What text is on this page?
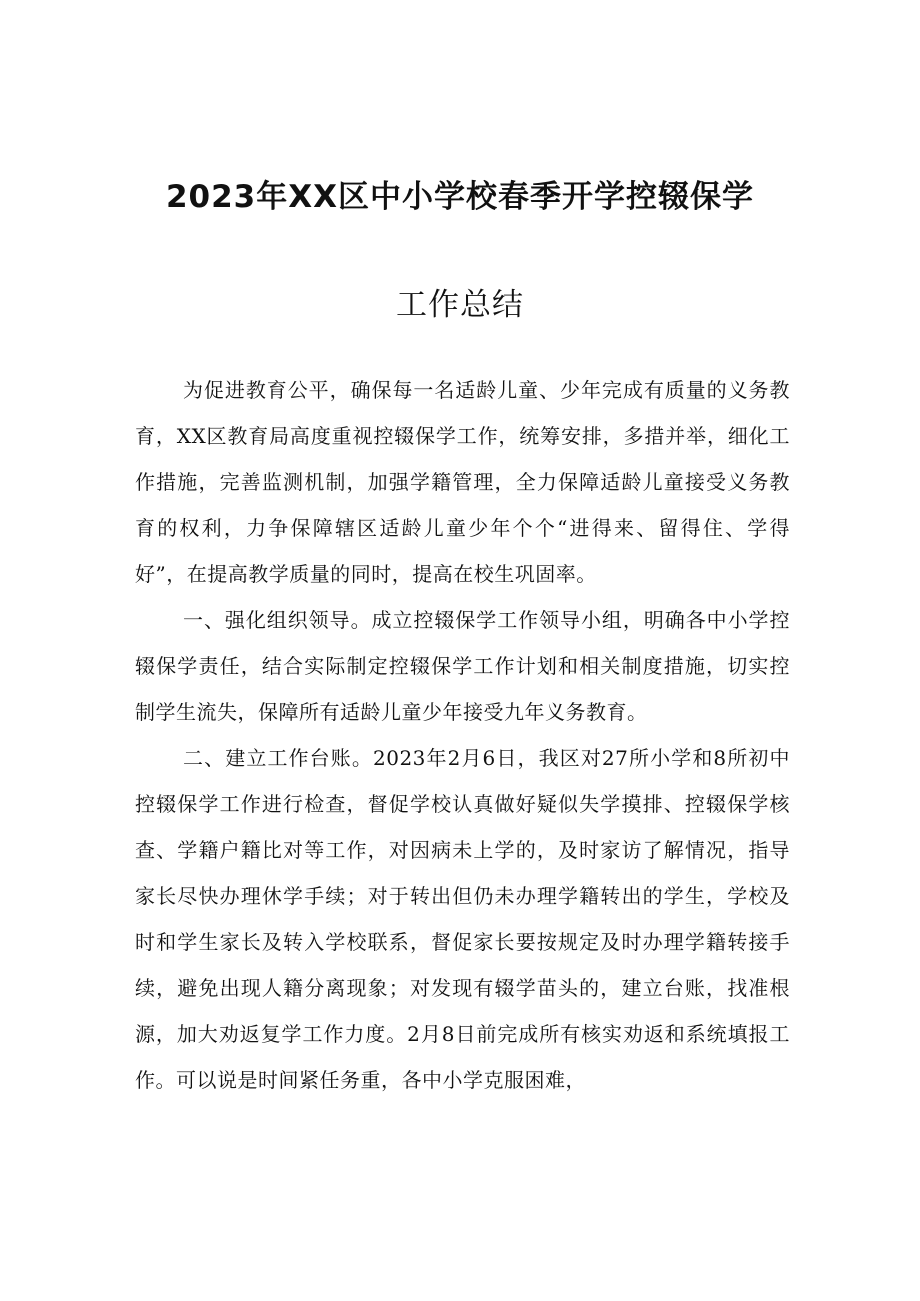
2023年XX区中小学校春季开学控辍保学
工作总结

为促进教育公平，确保每一名适龄儿童、少年完成有质量的义务教育，XX区教育局高度重视控辍保学工作，统筹安排，多措并举，细化工作措施，完善监测机制，加强学籍管理，全力保障适龄儿童接受义务教育的权利，力争保障辖区适龄儿童少年个个“进得来、留得住、学得好”，在提高教学质量的同时，提高在校生巩固率。

一、强化组织领导。成立控辍保学工作领导小组，明确各中小学控辍保学责任，结合实际制定控辍保学工作计划和相关制度措施，切实控制学生流失，保障所有适龄儿童少年接受九年义务教育。

二、建立工作台账。2023年2月6日，我区对27所小学和8所初中控辍保学工作进行检查，督促学校认真做好疑似失学摸排、控辍保学核查、学籍户籍比对等工作，对因病未上学的，及时家访了解情况，指导家长尽快办理休学手续；对于转出但仍未办理学籍转出的学生，学校及时和学生家长及转入学校联系，督促家长要按规定及时办理学籍转接手续，避免出现人籍分离现象；对发现有辍学苗头的，建立台账，找准根源，加大劝返复学工作力度。2月8日前完成所有核实劝返和系统填报工作。可以说是时间紧任务重，各中小学克服困难，
